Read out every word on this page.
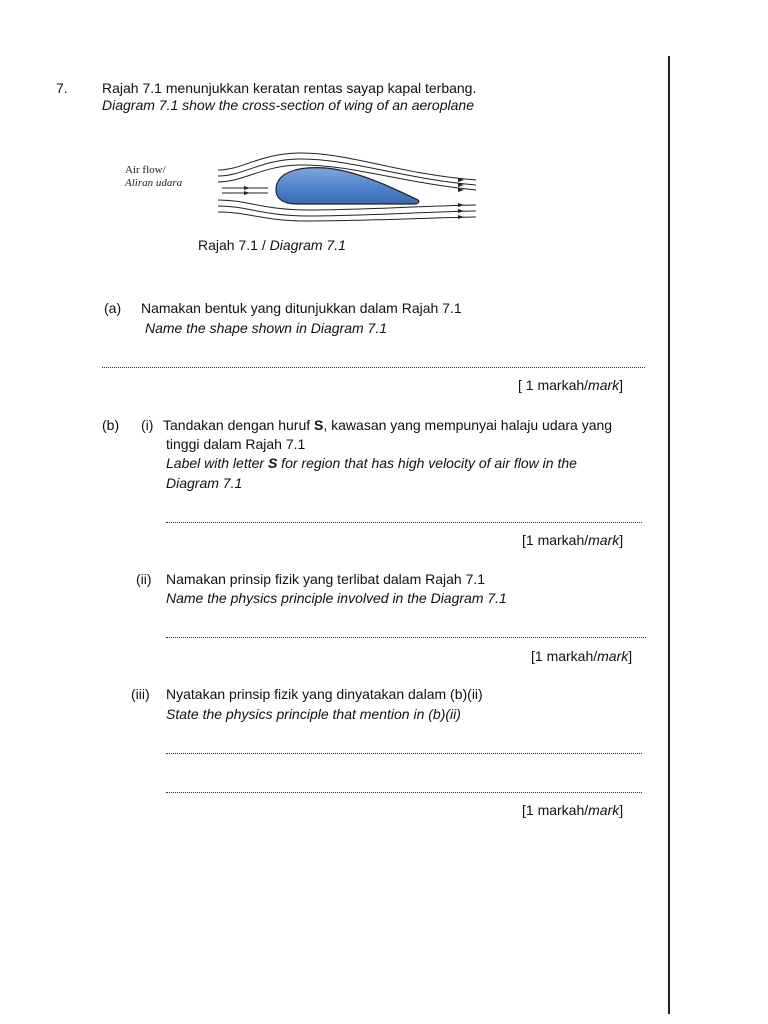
7. Rajah 7.1 menunjukkan keratan rentas sayap kapal terbang.
Diagram 7.1 show the cross-section of wing of an aeroplane
Air flow/
Aliran udara
Rajah 7.1 / Diagram 7.1
(a) Namakan bentuk yang ditunjukkan dalam Rajah 7.1
Name the shape shown in Diagram 7.1
[ 1 markah/mark]
(b) (i) Tandakan dengan huruf S, kawasan yang mempunyai halaju udara yang
tinggi dalam Rajah 7.1
Label with letter S for region that has high velocity of air flow in the
Diagram 7.1
[1 markah/mark]
(ii) Namakan prinsip fizik yang terlibat dalam Rajah 7.1
Name the physics principle involved in the Diagram 7.1
[1 markah/mark]
(iii) Nyatakan prinsip fizik yang dinyatakan dalam (b)(ii)
State the physics principle that mention in (b)(ii)
[1 markah/mark]
